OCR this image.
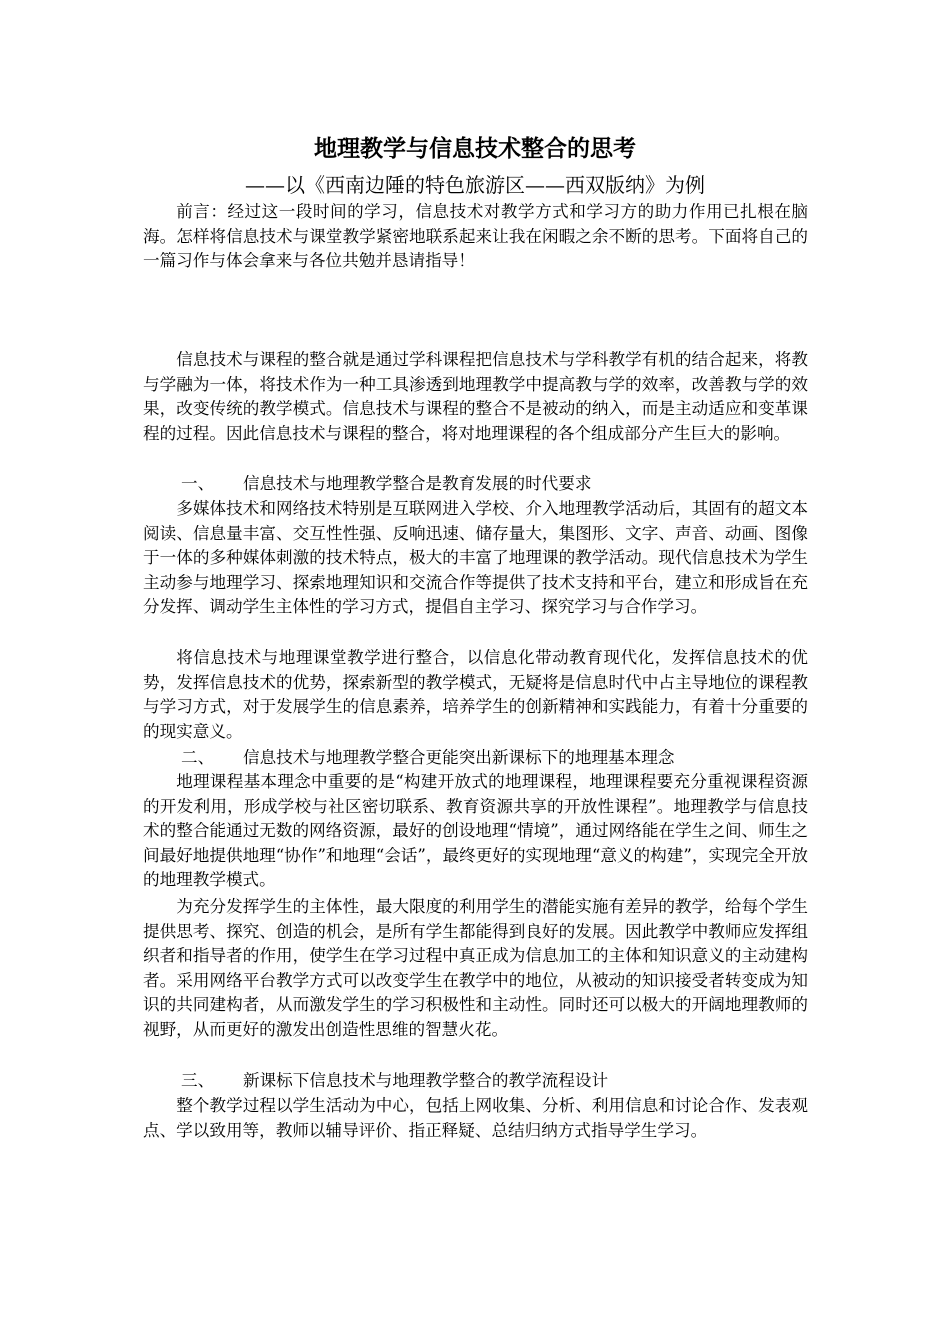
地理教学与信息技术整合的思考
——以《西南边陲的特色旅游区——西双版纳》为例

前言：经过这一段时间的学习，信息技术对教学方式和学习方的助力作用已扎根在脑海。怎样将信息技术与课堂教学紧密地联系起来让我在闲暇之余不断的思考。下面将自己的一篇习作与体会拿来与各位共勉并恳请指导！

信息技术与课程的整合就是通过学科课程把信息技术与学科教学有机的结合起来，将教与学融为一体，将技术作为一种工具渗透到地理教学中提高教与学的效率，改善教与学的效果，改变传统的教学模式。信息技术与课程的整合不是被动的纳入，而是主动适应和变革课程的过程。因此信息技术与课程的整合，将对地理课程的各个组成部分产生巨大的影响。

一、 信息技术与地理教学整合是教育发展的时代要求

多媒体技术和网络技术特别是互联网进入学校、介入地理教学活动后，其固有的超文本阅读、信息量丰富、交互性性强、反响迅速、储存量大，集图形、文字、声音、动画、图像于一体的多种媒体刺激的技术特点，极大的丰富了地理课的教学活动。现代信息技术为学生主动参与地理学习、探索地理知识和交流合作等提供了技术支持和平台，建立和形成旨在充分发挥、调动学生主体性的学习方式，提倡自主学习、探究学习与合作学习。

将信息技术与地理课堂教学进行整合，以信息化带动教育现代化，发挥信息技术的优势，发挥信息技术的优势，探索新型的教学模式，无疑将是信息时代中占主导地位的课程教与学习方式，对于发展学生的信息素养，培养学生的创新精神和实践能力，有着十分重要的的现实意义。

二、 信息技术与地理教学整合更能突出新课标下的地理基本理念

地理课程基本理念中重要的是“构建开放式的地理课程，地理课程要充分重视课程资源的开发利用，形成学校与社区密切联系、教育资源共享的开放性课程”。地理教学与信息技术的整合能通过无数的网络资源，最好的创设地理“情境”，通过网络能在学生之间、师生之间最好地提供地理“协作”和地理“会话”，最终更好的实现地理“意义的构建”，实现完全开放的地理教学模式。

为充分发挥学生的主体性，最大限度的利用学生的潜能实施有差异的教学，给每个学生提供思考、探究、创造的机会，是所有学生都能得到良好的发展。因此教学中教师应发挥组织者和指导者的作用，使学生在学习过程中真正成为信息加工的主体和知识意义的主动建构者。采用网络平台教学方式可以改变学生在教学中的地位，从被动的知识接受者转变成为知识的共同建构者，从而激发学生的学习积极性和主动性。同时还可以极大的开阔地理教师的视野，从而更好的激发出创造性思维的智慧火花。

三、 新课标下信息技术与地理教学整合的教学流程设计

整个教学过程以学生活动为中心，包括上网收集、分析、利用信息和讨论合作、发表观点、学以致用等，教师以辅导评价、指正释疑、总结归纳方式指导学生学习。
